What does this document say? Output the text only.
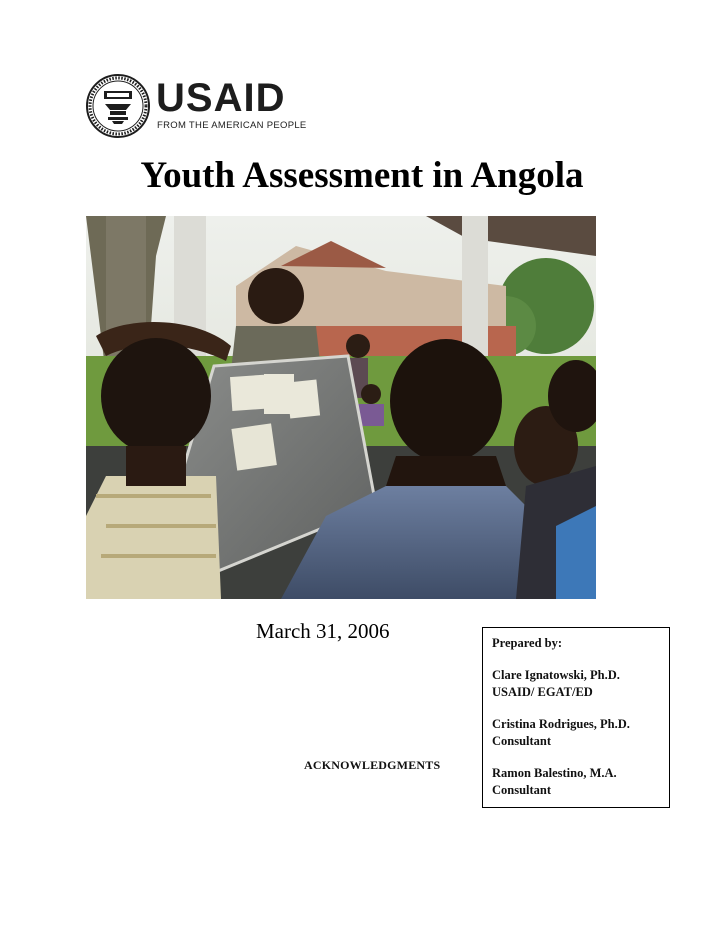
USAID
FROM THE AMERICAN PEOPLE
Youth Assessment in Angola
March 31, 2006
ACKNOWLEDGMENTS
Prepared by:
Clare Ignatowski, Ph.D.
USAID/ EGAT/ED
Cristina Rodrigues, Ph.D.
Consultant
Ramon Balestino, M.A.
Consultant
